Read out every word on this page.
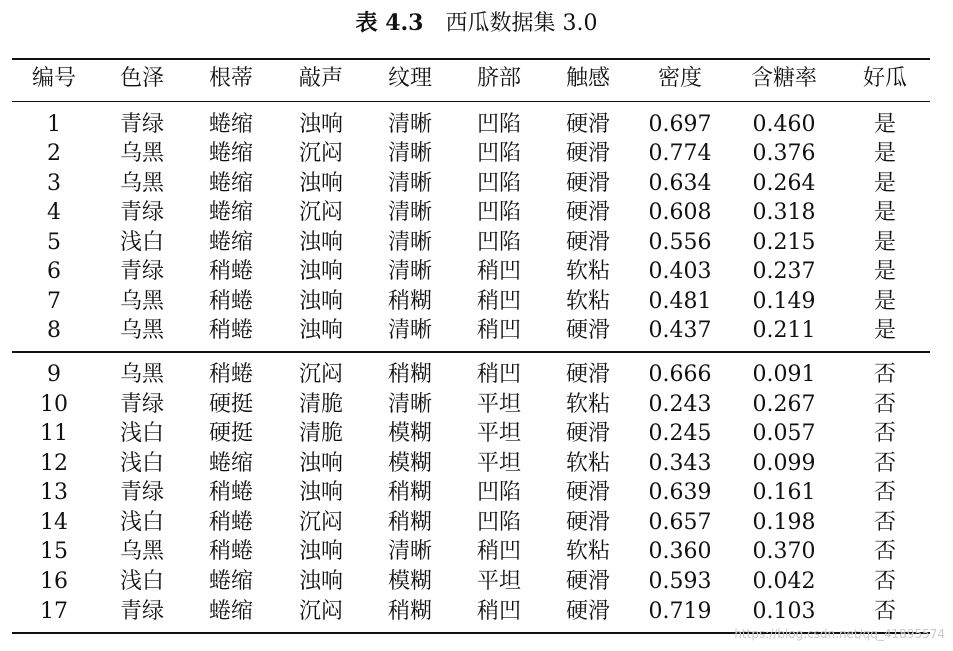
表 4.3 西瓜数据集 3.0
编号	色泽	根蒂	敲声	纹理	脐部	触感	密度	含糖率	好瓜
1	青绿	蜷缩	浊响	清晰	凹陷	硬滑	0.697	0.460	是
2	乌黑	蜷缩	沉闷	清晰	凹陷	硬滑	0.774	0.376	是
3	乌黑	蜷缩	浊响	清晰	凹陷	硬滑	0.634	0.264	是
4	青绿	蜷缩	沉闷	清晰	凹陷	硬滑	0.608	0.318	是
5	浅白	蜷缩	浊响	清晰	凹陷	硬滑	0.556	0.215	是
6	青绿	稍蜷	浊响	清晰	稍凹	软粘	0.403	0.237	是
7	乌黑	稍蜷	浊响	稍糊	稍凹	软粘	0.481	0.149	是
8	乌黑	稍蜷	浊响	清晰	稍凹	硬滑	0.437	0.211	是
9	乌黑	稍蜷	沉闷	稍糊	稍凹	硬滑	0.666	0.091	否
10	青绿	硬挺	清脆	清晰	平坦	软粘	0.243	0.267	否
11	浅白	硬挺	清脆	模糊	平坦	硬滑	0.245	0.057	否
12	浅白	蜷缩	浊响	模糊	平坦	软粘	0.343	0.099	否
13	青绿	稍蜷	浊响	稍糊	凹陷	硬滑	0.639	0.161	否
14	浅白	稍蜷	沉闷	稍糊	凹陷	硬滑	0.657	0.198	否
15	乌黑	稍蜷	浊响	清晰	稍凹	软粘	0.360	0.370	否
16	浅白	蜷缩	浊响	模糊	平坦	硬滑	0.593	0.042	否
17	青绿	蜷缩	沉闷	稍糊	稍凹	硬滑	0.719	0.103	否
https://blog.csdn.net/qq_41895574
